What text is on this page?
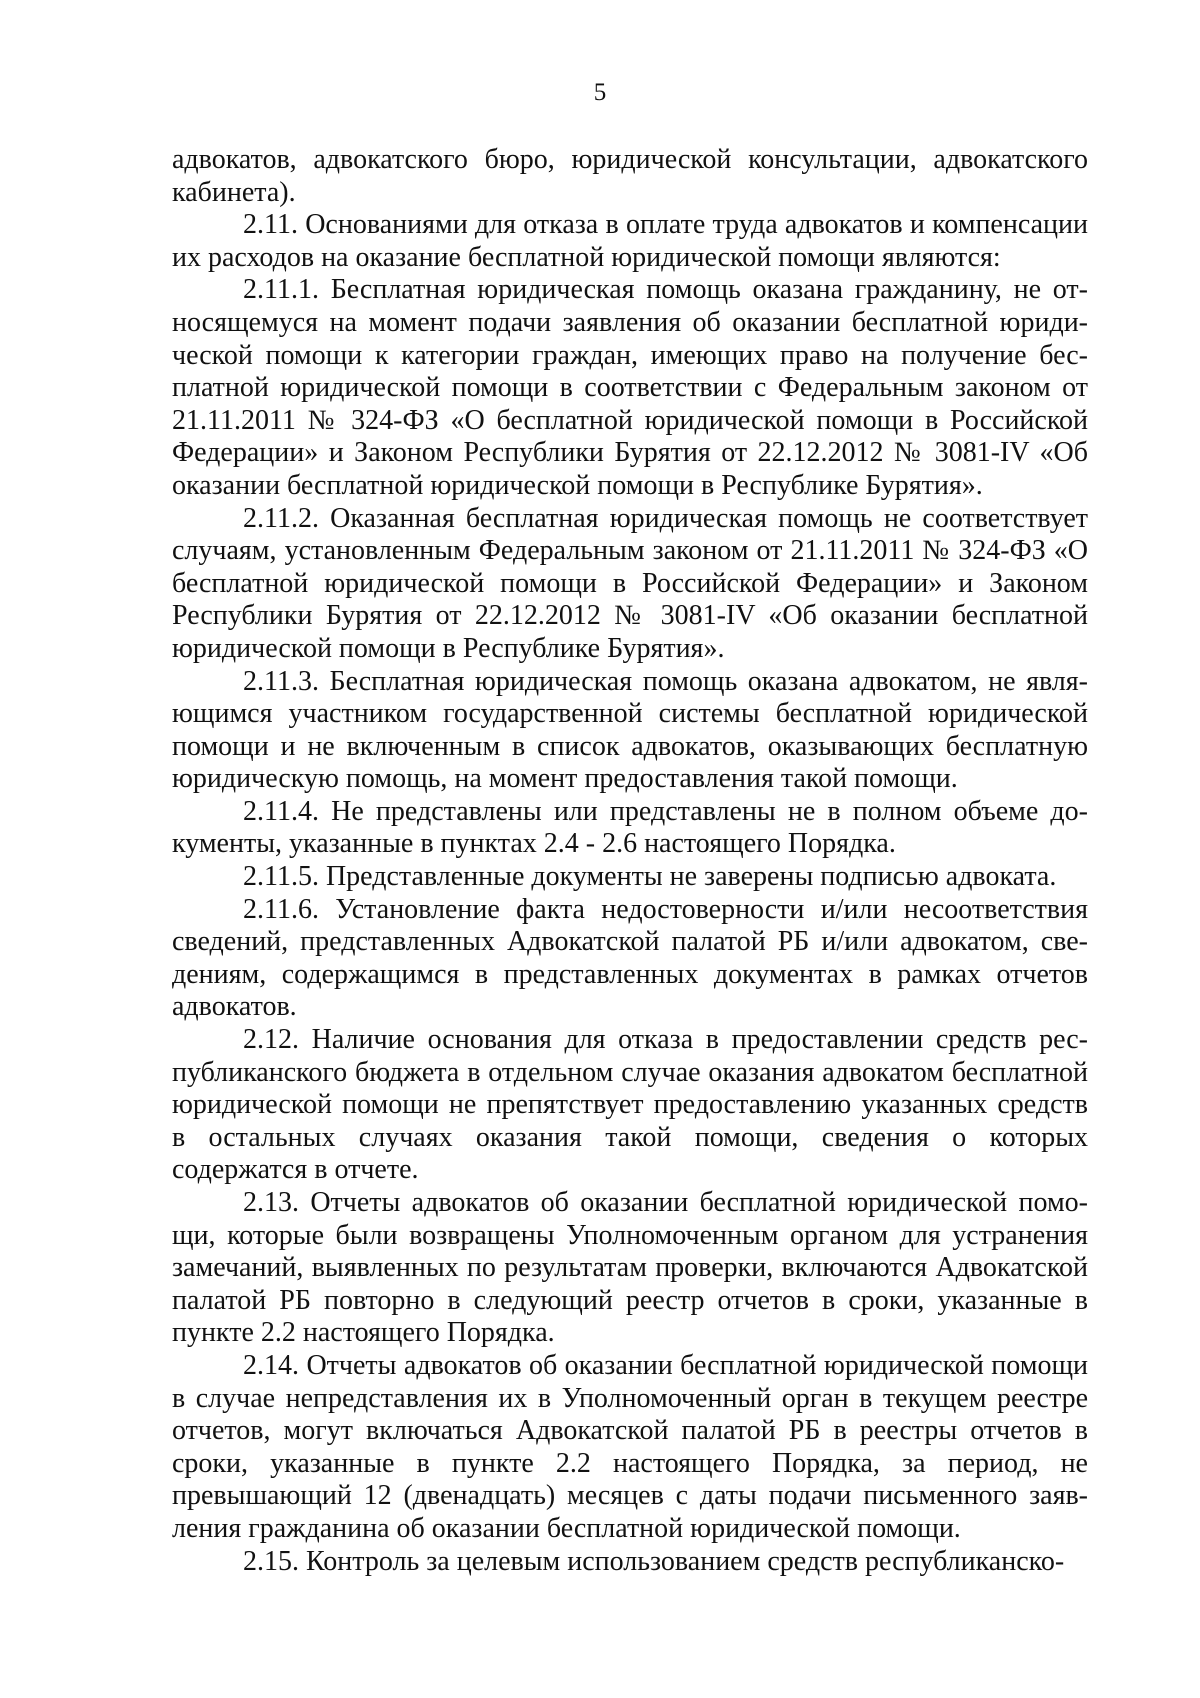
5

адвокатов, адвокатского бюро, юридической консультации, адвокатского кабинета).

2.11. Основаниями для отказа в оплате труда адвокатов и компенсации их расходов на оказание бесплатной юридической помощи являются:

2.11.1. Бесплатная юридическая помощь оказана гражданину, не относящемуся на момент подачи заявления об оказании бесплатной юридической помощи к категории граждан, имеющих право на получение бесплатной юридической помощи в соответствии с Федеральным законом от 21.11.2011 № 324-ФЗ «О бесплатной юридической помощи в Российской Федерации» и Законом Республики Бурятия от 22.12.2012 № 3081-IV «Об оказании бесплатной юридической помощи в Республике Бурятия».

2.11.2. Оказанная бесплатная юридическая помощь не соответствует случаям, установленным Федеральным законом от 21.11.2011 № 324-ФЗ «О бесплатной юридической помощи в Российской Федерации» и Законом Республики Бурятия от 22.12.2012 № 3081-IV «Об оказании бесплатной юридической помощи в Республике Бурятия».

2.11.3. Бесплатная юридическая помощь оказана адвокатом, не являющимся участником государственной системы бесплатной юридической помощи и не включенным в список адвокатов, оказывающих бесплатную юридическую помощь, на момент предоставления такой помощи.

2.11.4. Не представлены или представлены не в полном объеме документы, указанные в пунктах 2.4 - 2.6 настоящего Порядка.

2.11.5. Представленные документы не заверены подписью адвоката.

2.11.6. Установление факта недостоверности и/или несоответствия сведений, представленных Адвокатской палатой РБ и/или адвокатом, сведениям, содержащимся в представленных документах в рамках отчетов адвокатов.

2.12. Наличие основания для отказа в предоставлении средств республиканского бюджета в отдельном случае оказания адвокатом бесплатной юридической помощи не препятствует предоставлению указанных средств в остальных случаях оказания такой помощи, сведения о которых содержатся в отчете.

2.13. Отчеты адвокатов об оказании бесплатной юридической помощи, которые были возвращены Уполномоченным органом для устранения замечаний, выявленных по результатам проверки, включаются Адвокатской палатой РБ повторно в следующий реестр отчетов в сроки, указанные в пункте 2.2 настоящего Порядка.

2.14. Отчеты адвокатов об оказании бесплатной юридической помощи в случае непредставления их в Уполномоченный орган в текущем реестре отчетов, могут включаться Адвокатской палатой РБ в реестры отчетов в сроки, указанные в пункте 2.2 настоящего Порядка, за период, не превышающий 12 (двенадцать) месяцев с даты подачи письменного заявления гражданина об оказании бесплатной юридической помощи.

2.15. Контроль за целевым использованием средств республиканско-
